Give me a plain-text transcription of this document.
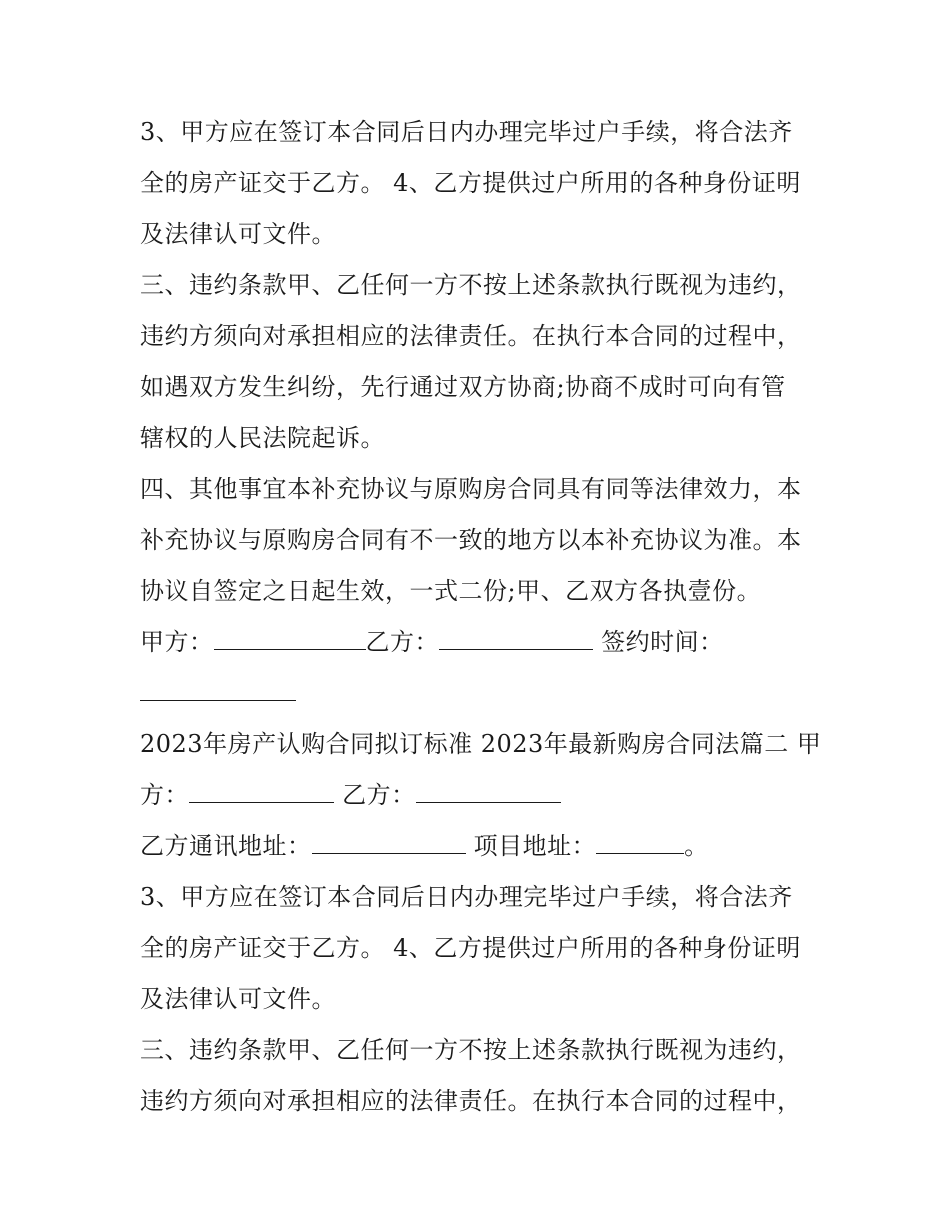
3、甲方应在签订本合同后日内办理完毕过户手续，将合法齐
全的房产证交于乙方。 4、乙方提供过户所用的各种身份证明
及法律认可文件。
三、违约条款甲、乙任何一方不按上述条款执行既视为违约，
违约方须向对承担相应的法律责任。在执行本合同的过程中，
如遇双方发生纠纷，先行通过双方协商;协商不成时可向有管
辖权的人民法院起诉。
四、其他事宜本补充协议与原购房合同具有同等法律效力，本
补充协议与原购房合同有不一致的地方以本补充协议为准。本
协议自签定之日起生效，一式二份;甲、乙双方各执壹份。
甲方：	乙方：	签约时间：
2023年房产认购合同拟订标准 2023年最新购房合同法篇二 甲
方：	乙方：
乙方通讯地址：	项目地址：	。
3、甲方应在签订本合同后日内办理完毕过户手续，将合法齐
全的房产证交于乙方。 4、乙方提供过户所用的各种身份证明
及法律认可文件。
三、违约条款甲、乙任何一方不按上述条款执行既视为违约，
违约方须向对承担相应的法律责任。在执行本合同的过程中，
